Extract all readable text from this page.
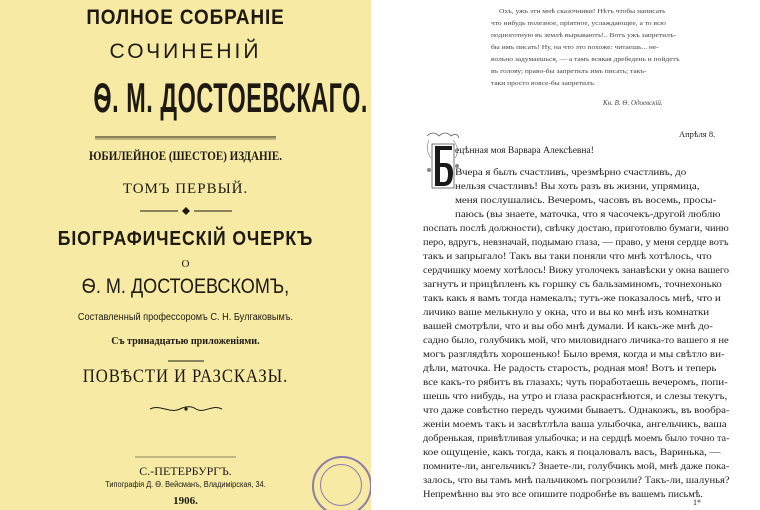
ПОЛНОЕ СОБРАНІЕ
СОЧИНЕНІЙ
Ѳ. М. ДОСТОЕВСКАГО.
ЮБИЛЕЙНОЕ (ШЕСТОЕ) ИЗДАНІЕ.
ТОМЪ ПЕРВЫЙ.
БІОГРАФИЧЕСКІЙ ОЧЕРКЪ
О
Ѳ. М. ДОСТОЕВСКОМЪ,
Составленный профессоромъ С. Н. Булгаковымъ.
Съ тринадцатью приложеніями.
ПОВѢСТИ И РАЗСКАЗЫ.
С.-ПЕТЕРБУРГЪ.
Типографія Д. Ѳ. Вейсманъ, Владимірская, 34.
1906.
Охъ, ужъ эти мнѣ сказочники! Нѣтъ чтобы написать
что нибудь полезное, пріятное, услаждающее, а то всю
подноготную въ землѣ вырываютъ!.. Вотъ ужъ запретилъ-
бы имъ писать! Ну, на что это похоже: читаешь... не-
вольно задумаешься, — а тамъ всякая дребедень и пойдетъ
въ голову; право-бы запретилъ имъ писать; такъ-
таки просто вовсе-бы запретилъ.
Кн. В. Ѳ. Одоевскій.
Апрѣля 8.
ецѣнная моя Варвара Алексѣевна!
Вчера я былъ счастливъ, чрезмѣрно счастливъ, до
нельзя счастливъ! Вы хоть разъ въ жизни, упрямица,
меня послушались. Вечеромъ, часовъ въ восемь, просы-
паюсь (вы знаете, маточка, что я часочекъ-другой люблю
поспать послѣ должности), свѣчку достаю, приготовлю бумаги, чиню
перо, вдругъ, невзначай, подымаю глаза, — право, у меня сердце вотъ
такъ и запрыгало! Такъ вы таки поняли что мнѣ хотѣлось, что
сердчишку моему хотѣлось! Вижу уголочекъ занавѣски у окна вашего
загнутъ и прицѣпленъ къ горшку съ бальзаминомъ, точнехонько
такъ какъ я вамъ тогда намекалъ; тутъ-же показалось мнѣ, что и
личико ваше мелькнуло у окна, что и вы ко мнѣ изъ комнатки
вашей смотрѣли, что и вы обо мнѣ думали. И какъ-же мнѣ до-
садно было, голубчикъ мой, что миловиднаго личика-то вашего я не
могъ разглядѣть хорошенько! Было время, когда и мы свѣтло ви-
дѣли, маточка. Не радость старость, родная моя! Вотъ и теперь
все какъ-то рябитъ въ глазахъ; чуть поработаешь вечеромъ, попи-
шешь что нибудь, на утро и глаза раскраснѣются, и слезы текутъ,
что даже совѣстно передъ чужими бываетъ. Однакожъ, въ вообра-
женіи моемъ такъ и засвѣтлѣла ваша улыбочка, ангельчикъ, ваша
добренькая, привѣтливая улыбочка; и на сердцѣ моемъ было точно та-
кое ощущеніе, какъ тогда, какъ я поцаловалъ васъ, Варинька, —
помните-ли, ангельчикъ? Знаете-ли, голубчикъ мой, мнѣ даже пока-
залось, что вы тамъ мнѣ пальчикомъ погрозили? Такъ-ли, шалунья?
Непремѣнно вы это все опишите подробнѣе въ вашемъ письмѣ.
1*
